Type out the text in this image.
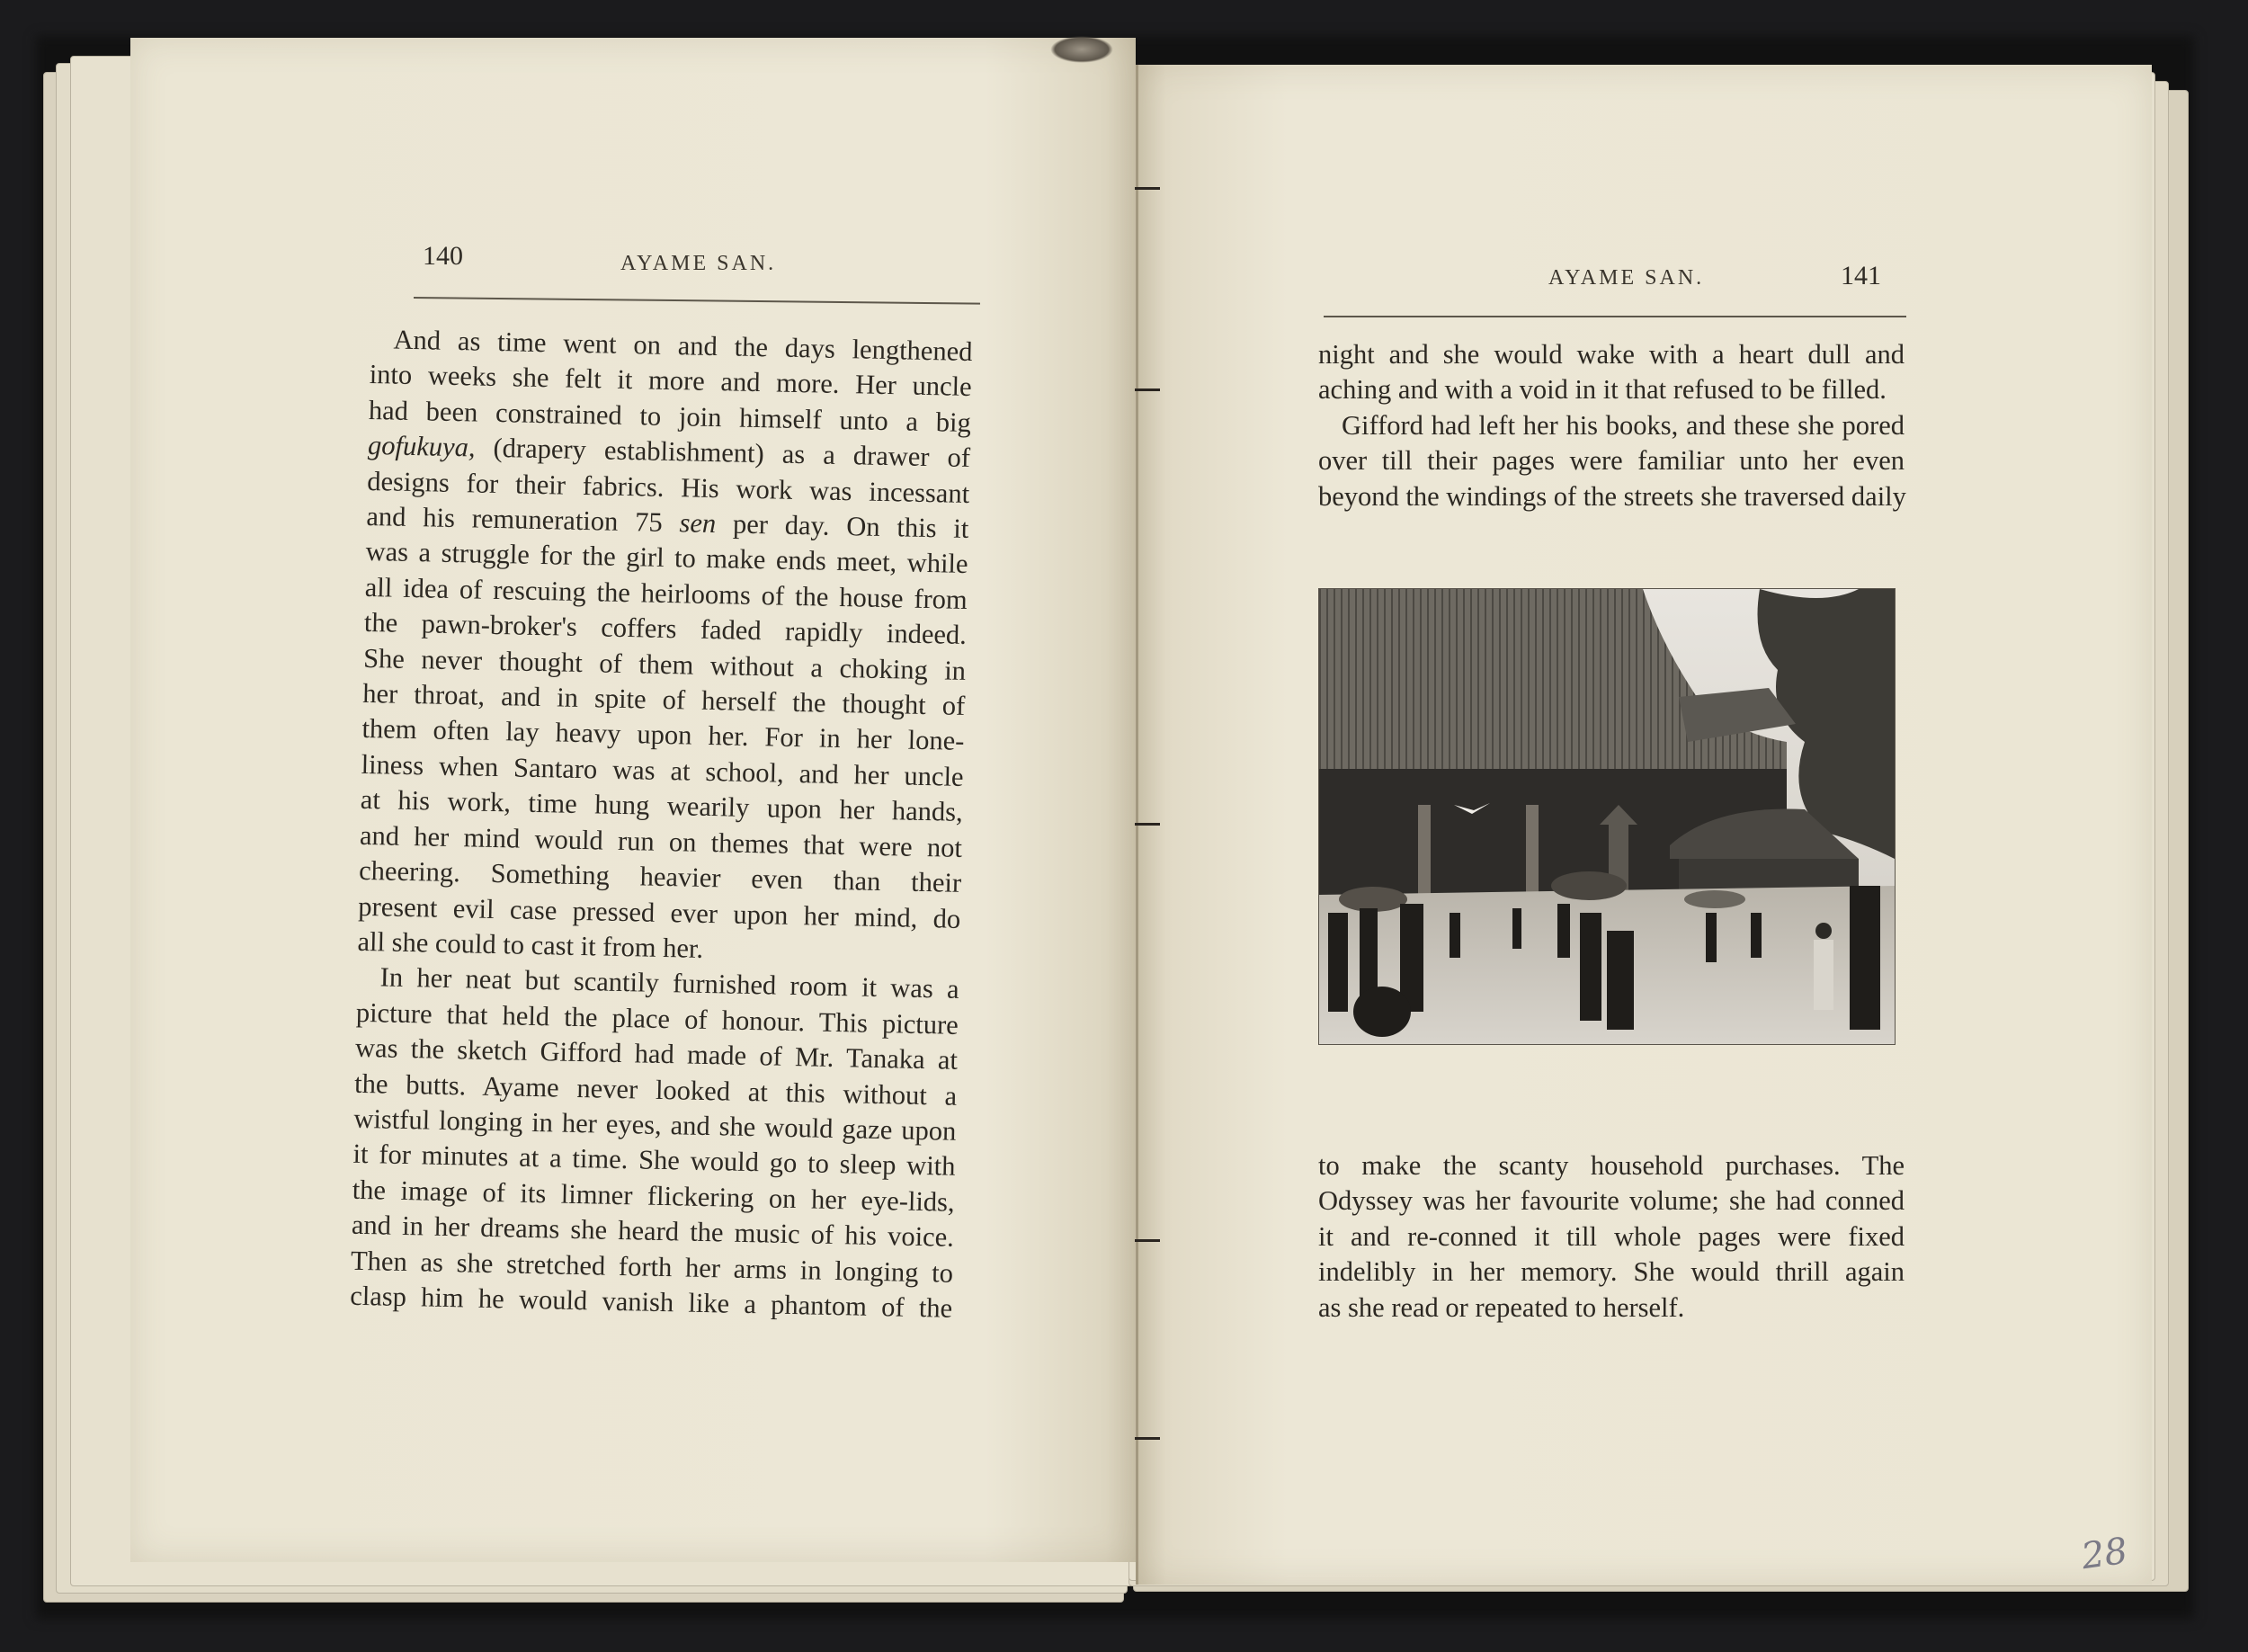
140	AYAME SAN.
And as time went on and the days lengthened
into weeks she felt it more and more. Her uncle
had been constrained to join himself unto a big
gofukuya, (drapery establishment) as a drawer of
designs for their fabrics. His work was incessant
and his remuneration 75 sen per day. On this it
was a struggle for the girl to make ends meet, while
all idea of rescuing the heirlooms of the house from
the pawn-broker's coffers faded rapidly indeed.
She never thought of them without a choking in
her throat, and in spite of herself the thought of
them often lay heavy upon her. For in her lone-
liness when Santaro was at school, and her uncle
at his work, time hung wearily upon her hands,
and her mind would run on themes that were not
cheering. Something heavier even than their
present evil case pressed ever upon her mind, do
all she could to cast it from her.
In her neat but scantily furnished room it was a
picture that held the place of honour. This picture
was the sketch Gifford had made of Mr. Tanaka at
the butts. Ayame never looked at this without a
wistful longing in her eyes, and she would gaze upon
it for minutes at a time. She would go to sleep with
the image of its limner flickering on her eye-lids,
and in her dreams she heard the music of his voice.
Then as she stretched forth her arms in longing to
clasp him he would vanish like a phantom of the
AYAME SAN.	141
night and she would wake with a heart dull and
aching and with a void in it that refused to be filled.
Gifford had left her his books, and these she pored
over till their pages were familiar unto her even
beyond the windings of the streets she traversed daily
to make the scanty household purchases. The
Odyssey was her favourite volume; she had conned
it and re-conned it till whole pages were fixed
indelibly in her memory. She would thrill again
as she read or repeated to herself.
28
